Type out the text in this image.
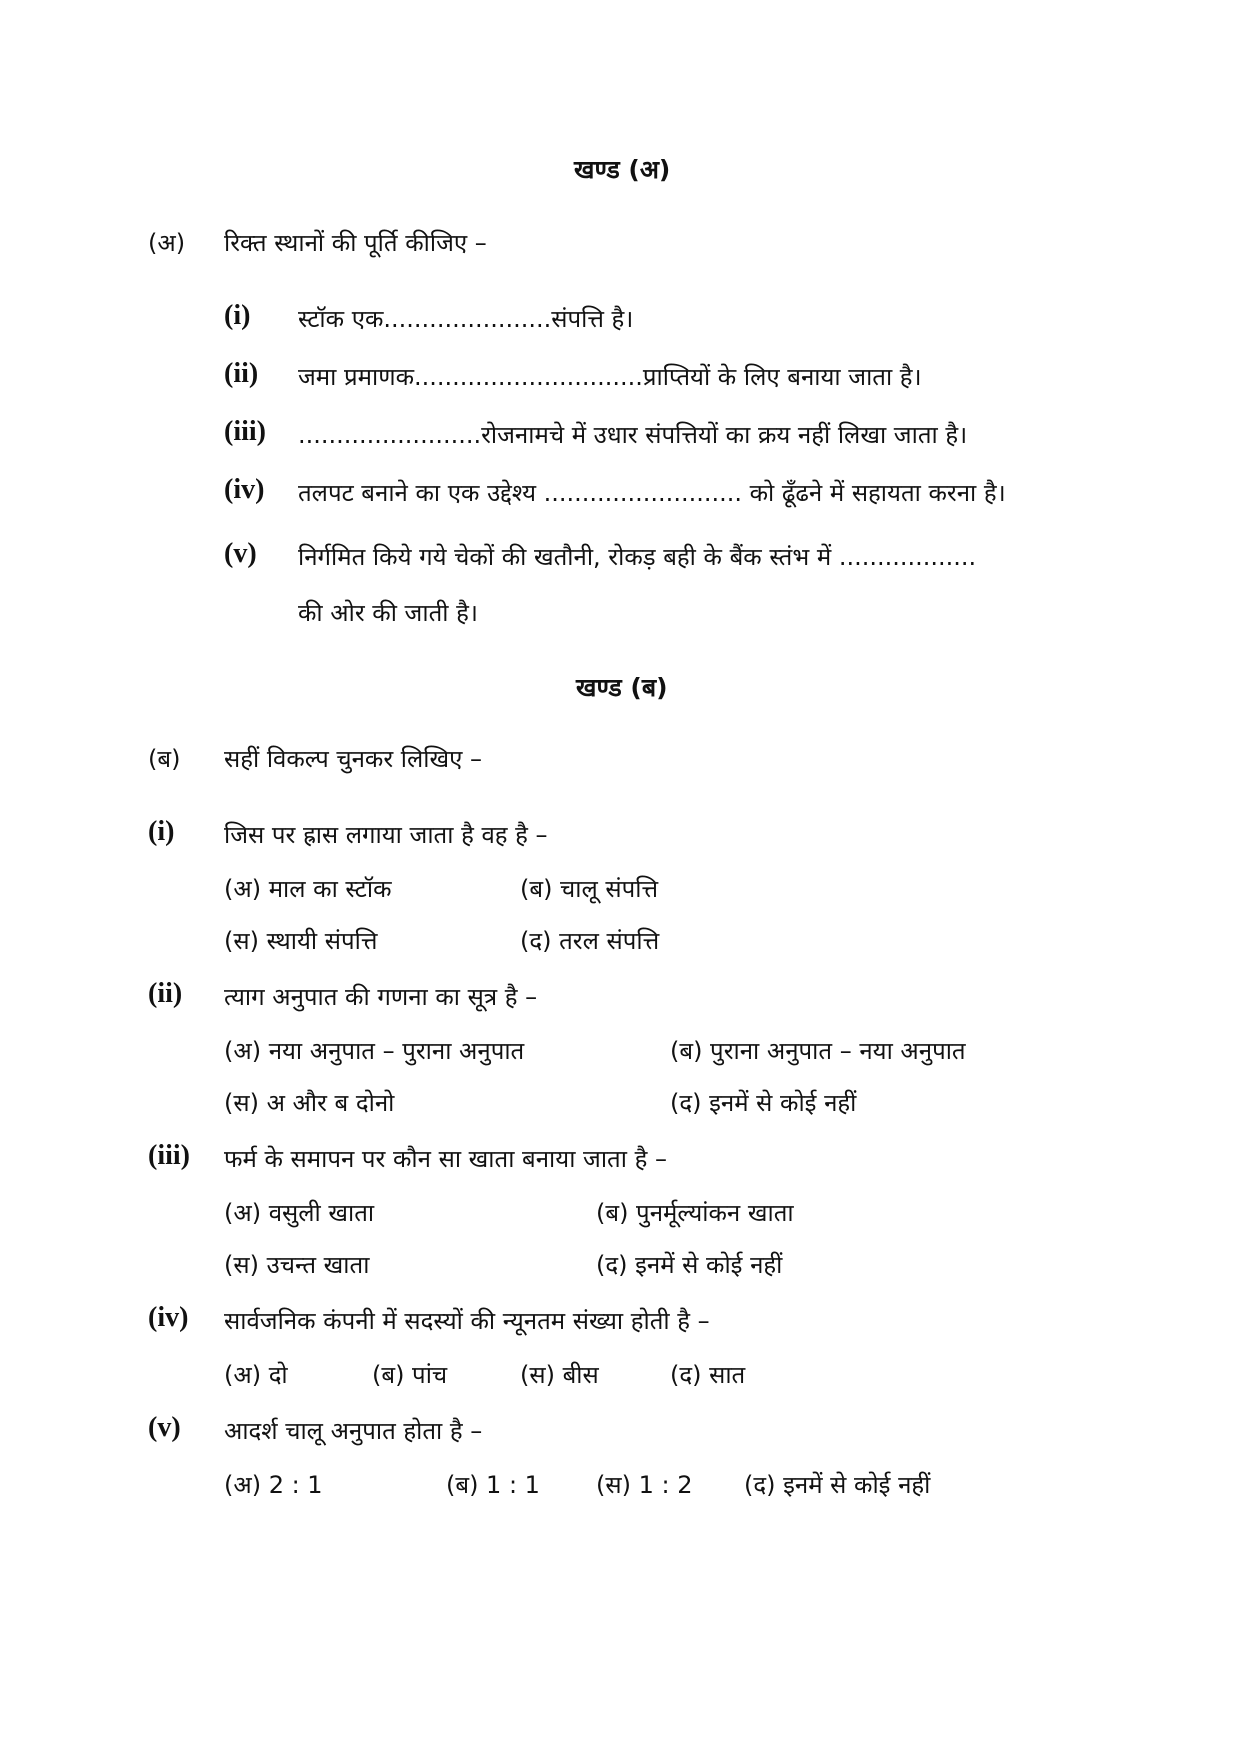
खण्ड (अ)
(अ) रिक्त स्थानों की पूर्ति कीजिए –
(i) स्टॉक एक......................संपत्ति है।
(ii) जमा प्रमाणक..............................प्राप्तियों के लिए बनाया जाता है।
(iii) ........................रोजनामचे में उधार संपत्तियों का क्रय नहीं लिखा जाता है।
(iv) तलपट बनाने का एक उद्देश्य .......................... को ढूँढने में सहायता करना है।
(v) निर्गमित किये गये चेकों की खतौनी, रोकड़ बही के बैंक स्तंभ में ..................
की ओर की जाती है।
खण्ड (ब)
(ब) सहीं विकल्प चुनकर लिखिए –
(i) जिस पर ह्रास लगाया जाता है वह है –
(अ) माल का स्टॉक	(ब) चालू संपत्ति
(स) स्थायी संपत्ति	(द) तरल संपत्ति
(ii) त्याग अनुपात की गणना का सूत्र है –
(अ) नया अनुपात – पुराना अनुपात	(ब) पुराना अनुपात – नया अनुपात
(स) अ और ब दोनो	(द) इनमें से कोई नहीं
(iii) फर्म के समापन पर कौन सा खाता बनाया जाता है –
(अ) वसुली खाता	(ब) पुनर्मूल्यांकन खाता
(स) उचन्त खाता	(द) इनमें से कोई नहीं
(iv) सार्वजनिक कंपनी में सदस्यों की न्यूनतम संख्या होती है –
(अ) दो	(ब) पांच	(स) बीस	(द) सात
(v) आदर्श चालू अनुपात होता है –
(अ) 2 : 1	(ब) 1 : 1 (स) 1 : 2 (द) इनमें से कोई नहीं
